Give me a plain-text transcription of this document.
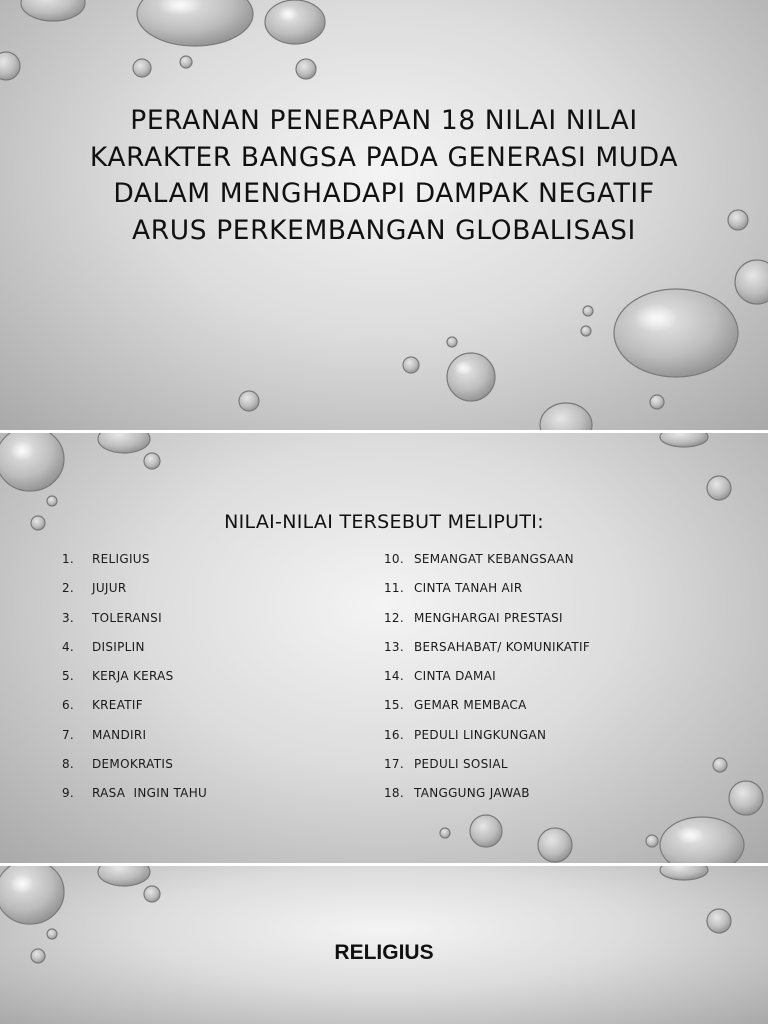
PERANAN PENERAPAN 18 NILAI NILAI KARAKTER BANGSA PADA GENERASI MUDA DALAM MENGHADAPI DAMPAK NEGATIF ARUS PERKEMBANGAN GLOBALISASI
NILAI-NILAI TERSEBUT MELIPUTI:
1. RELIGIUS
2. JUJUR
3. TOLERANSI
4. DISIPLIN
5. KERJA KERAS
6. KREATIF
7. MANDIRI
8. DEMOKRATIS
9. RASA  INGIN TAHU
10. SEMANGAT KEBANGSAAN
11. CINTA TANAH AIR
12. MENGHARGAI PRESTASI
13. BERSAHABAT/ KOMUNIKATIF
14. CINTA DAMAI
15. GEMAR MEMBACA
16. PEDULI LINGKUNGAN
17. PEDULI SOSIAL
18. TANGGUNG JAWAB
RELIGIUS
